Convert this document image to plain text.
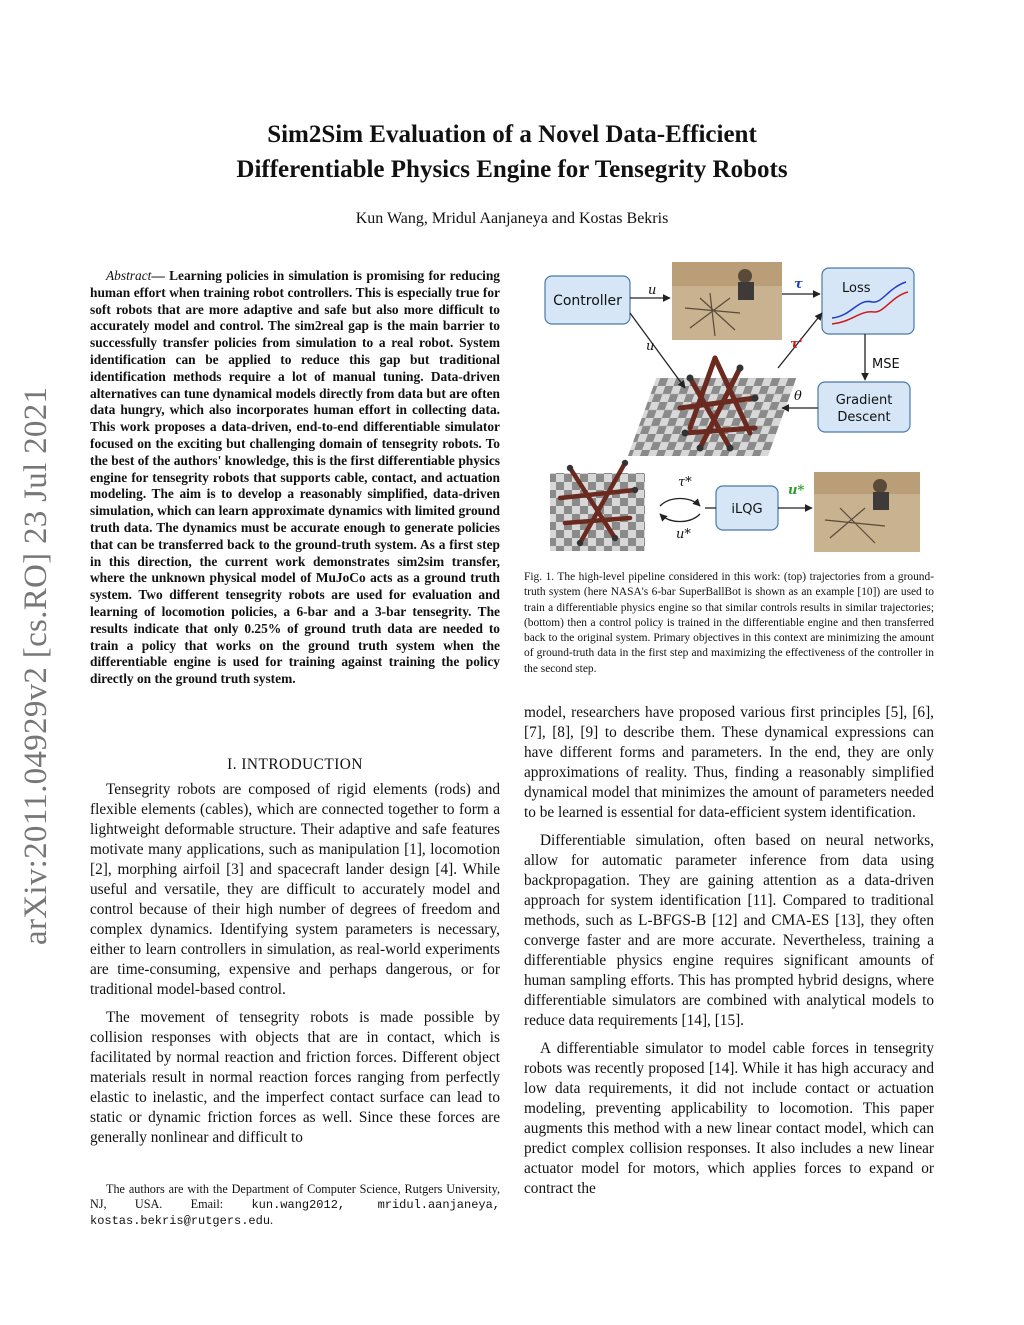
arXiv:2011.04929v2 [cs.RO] 23 Jul 2021
Sim2Sim Evaluation of a Novel Data-Efficient
Differentiable Physics Engine for Tensegrity Robots
Kun Wang, Mridul Aanjaneya and Kostas Bekris
Abstract— Learning policies in simulation is promising for reducing human effort when training robot controllers. This is especially true for soft robots that are more adaptive and safe but also more difficult to accurately model and control. The sim2real gap is the main barrier to successfully transfer policies from simulation to a real robot. System identification can be applied to reduce this gap but traditional identification methods require a lot of manual tuning. Data-driven alternatives can tune dynamical models directly from data but are often data hungry, which also incorporates human effort in collecting data. This work proposes a data-driven, end-to-end differentiable simulator focused on the exciting but challenging domain of tensegrity robots. To the best of the authors' knowledge, this is the first differentiable physics engine for tensegrity robots that supports cable, contact, and actuation modeling. The aim is to develop a reasonably simplified, data-driven simulation, which can learn approximate dynamics with limited ground truth data. The dynamics must be accurate enough to generate policies that can be transferred back to the ground-truth system. As a first step in this direction, the current work demonstrates sim2sim transfer, where the unknown physical model of MuJoCo acts as a ground truth system. Two different tensegrity robots are used for evaluation and learning of locomotion policies, a 6-bar and a 3-bar tensegrity. The results indicate that only 0.25% of ground truth data are needed to train a policy that works on the ground truth system when the differentiable engine is used for training against training the policy directly on the ground truth system.
I. INTRODUCTION

Tensegrity robots are composed of rigid elements (rods) and flexible elements (cables), which are connected together to form a lightweight deformable structure. Their adaptive and safe features motivate many applications, such as manipulation [1], locomotion [2], morphing airfoil [3] and spacecraft lander design [4]. While useful and versatile, they are difficult to accurately model and control because of their high number of degrees of freedom and complex dynamics. Identifying system parameters is necessary, either to learn controllers in simulation, as real-world experiments are time-consuming, expensive and perhaps dangerous, or for traditional model-based control.

The movement of tensegrity robots is made possible by collision responses with objects that are in contact, which is facilitated by normal reaction and friction forces. Different object materials result in normal reaction forces ranging from perfectly elastic to inelastic, and the imperfect contact surface can lead to static or dynamic friction forces as well. Since these forces are generally nonlinear and difficult to

The authors are with the Department of Computer Science, Rutgers University, NJ, USA. Email: kun.wang2012, mridul.aanjaneya, kostas.bekris@rutgers.edu.
Controller
Loss
Gradient
Descent
u
u
τ
τ'
MSE
θ
τ*
u*
iLQG
u*
Fig. 1. The high-level pipeline considered in this work: (top) trajectories from a ground-truth system (here NASA's 6-bar SuperBallBot is shown as an example [10]) are used to train a differentiable physics engine so that similar controls results in similar trajectories; (bottom) then a control policy is trained in the differentiable engine and then transferred back to the original system. Primary objectives in this context are minimizing the amount of ground-truth data in the first step and maximizing the effectiveness of the controller in the second step.

model, researchers have proposed various first principles [5], [6], [7], [8], [9] to describe them. These dynamical expressions can have different forms and parameters. In the end, they are only approximations of reality. Thus, finding a reasonably simplified dynamical model that minimizes the amount of parameters needed to be learned is essential for data-efficient system identification.

Differentiable simulation, often based on neural networks, allow for automatic parameter inference from data using backpropagation. They are gaining attention as a data-driven approach for system identification [11]. Compared to traditional methods, such as L-BFGS-B [12] and CMA-ES [13], they often converge faster and are more accurate. Nevertheless, training a differentiable physics engine requires significant amounts of human sampling efforts. This has prompted hybrid designs, where differentiable simulators are combined with analytical models to reduce data requirements [14], [15].

A differentiable simulator to model cable forces in tensegrity robots was recently proposed [14]. While it has high accuracy and low data requirements, it did not include contact or actuation modeling, preventing applicability to locomotion. This paper augments this method with a new linear contact model, which can predict complex collision responses. It also includes a new linear actuator model for motors, which applies forces to expand or contract the
